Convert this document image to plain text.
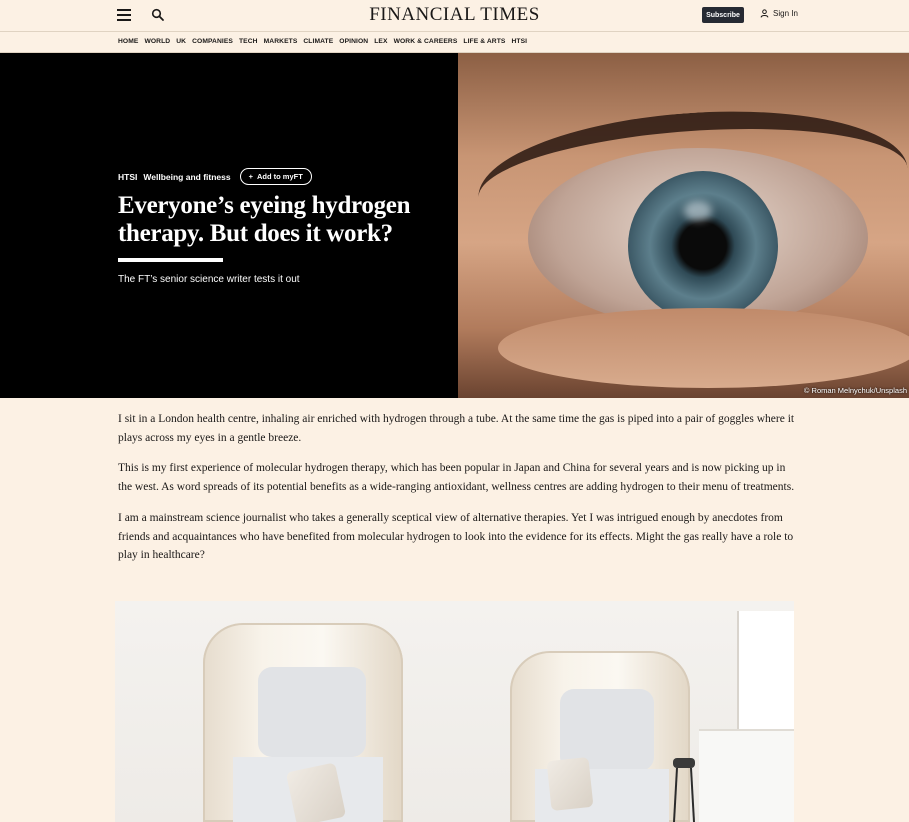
FINANCIAL TIMES	Subscribe	Sign In
HOME WORLD UK COMPANIES TECH MARKETS CLIMATE OPINION LEX WORK & CAREERS LIFE & ARTS HTSI
HTSI Wellbeing and fitness + Add to myFT
Everyone’s eyeing hydrogen therapy. But does it work?

The FT’s senior science writer tests it out

© Roman Melnychuk/Unsplash

I sit in a London health centre, inhaling air enriched with hydrogen through a tube. At the same time the gas is piped into a pair of goggles where it plays across my eyes in a gentle breeze.

This is my first experience of molecular hydrogen therapy, which has been popular in Japan and China for several years and is now picking up in the west. As word spreads of its potential benefits as a wide-ranging antioxidant, wellness centres are adding hydrogen to their menu of treatments.

I am a mainstream science journalist who takes a generally sceptical view of alternative therapies. Yet I was intrigued enough by anecdotes from friends and acquaintances who have benefited from molecular hydrogen to look into the evidence for its effects. Might the gas really have a role to play in healthcare?
